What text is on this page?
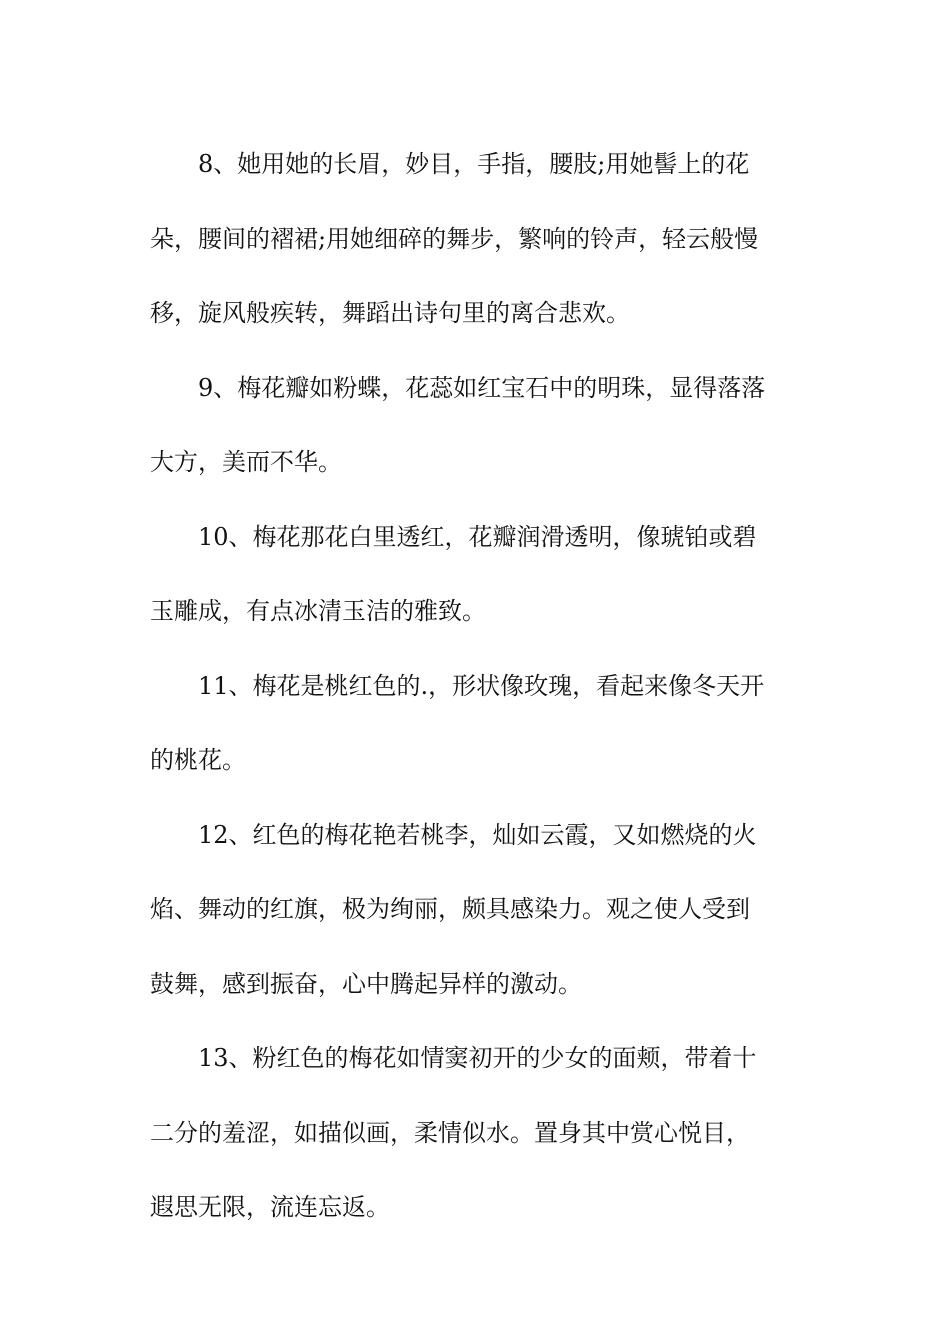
8、她用她的长眉，妙目，手指，腰肢;用她髻上的花
朵，腰间的褶裙;用她细碎的舞步，繁响的铃声，轻云般慢
移，旋风般疾转，舞蹈出诗句里的离合悲欢。

9、梅花瓣如粉蝶，花蕊如红宝石中的明珠，显得落落
大方，美而不华。

10、梅花那花白里透红，花瓣润滑透明，像琥铂或碧
玉雕成，有点冰清玉洁的雅致。

11、梅花是桃红色的.，形状像玫瑰，看起来像冬天开
的桃花。

12、红色的梅花艳若桃李，灿如云霞，又如燃烧的火
焰、舞动的红旗，极为绚丽，颇具感染力。观之使人受到
鼓舞，感到振奋，心中腾起异样的激动。

13、粉红色的梅花如情窦初开的少女的面颊，带着十
二分的羞涩，如描似画，柔情似水。置身其中赏心悦目，
遐思无限，流连忘返。
